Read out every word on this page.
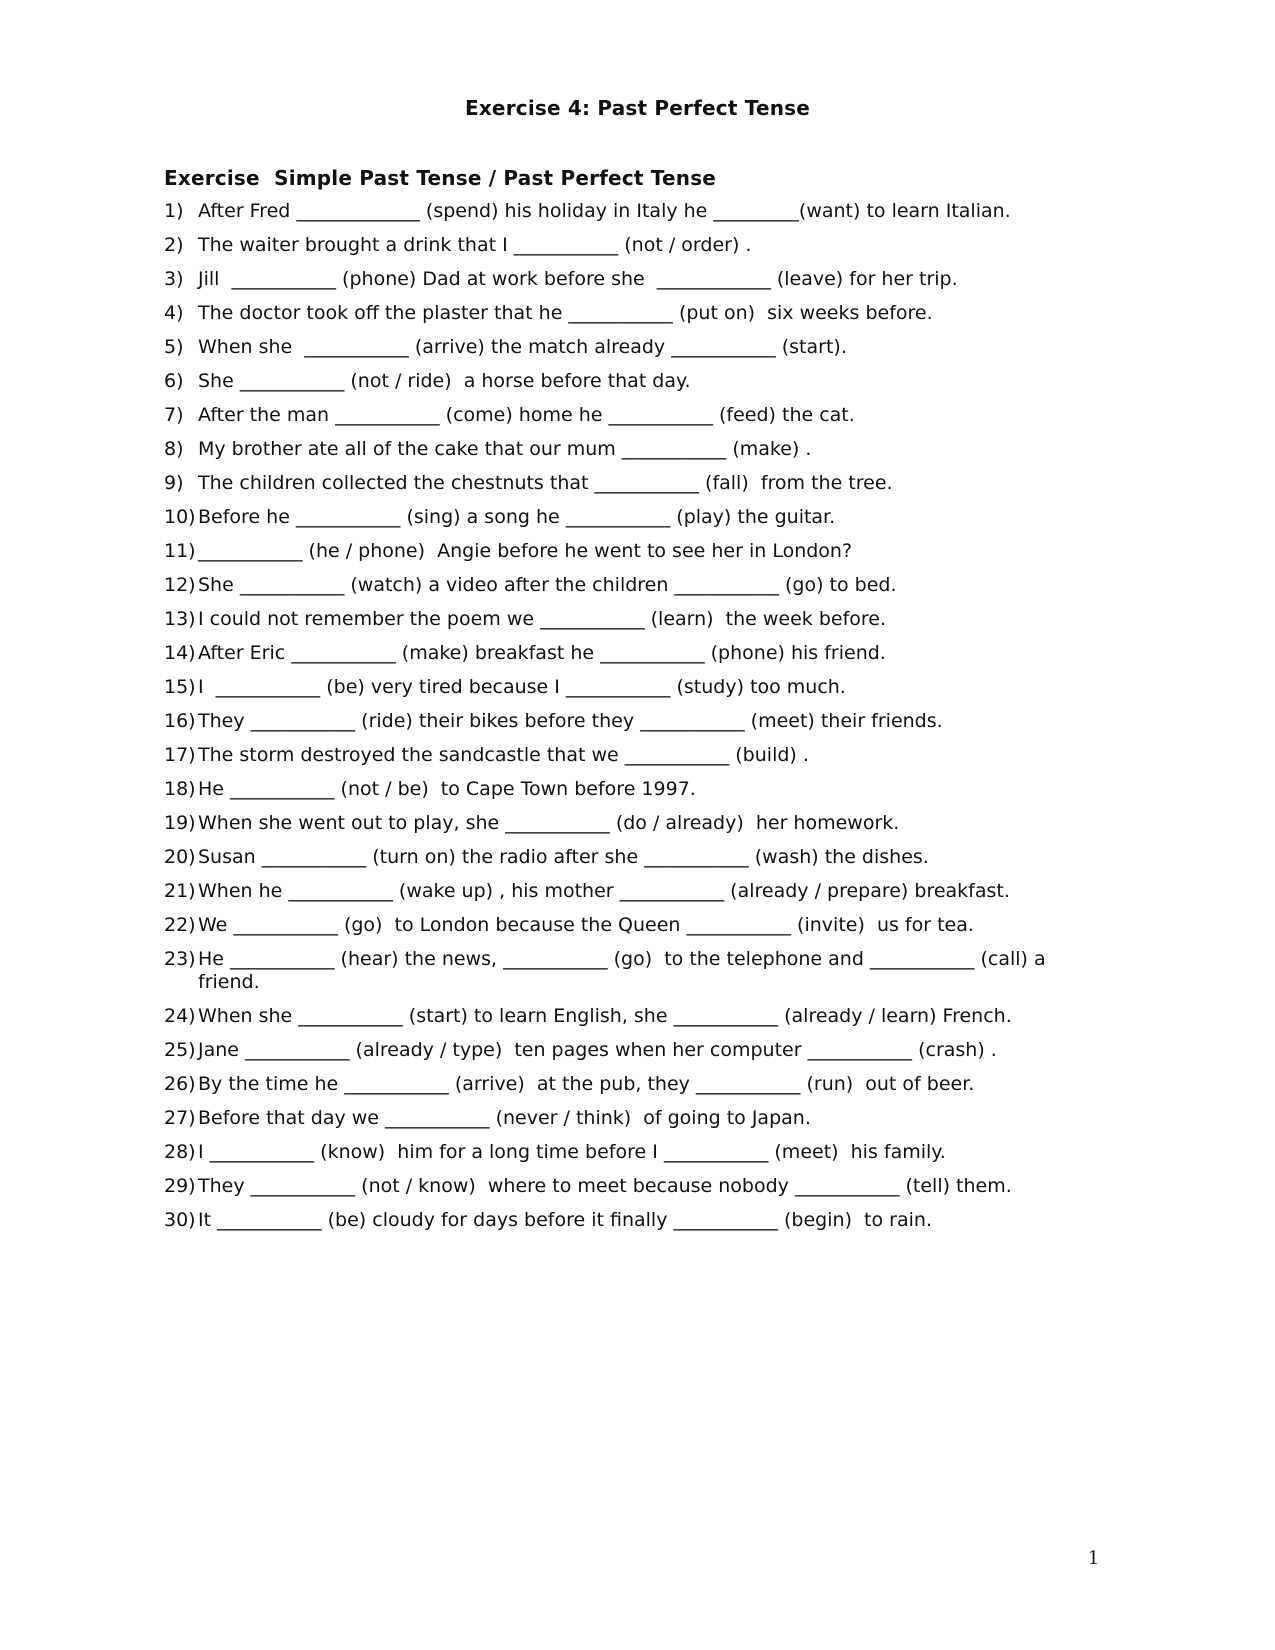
Exercise 4: Past Perfect Tense
Exercise  Simple Past Tense / Past Perfect Tense
1) After Fred _____________ (spend) his holiday in Italy he _________(want) to learn Italian.
2) The waiter brought a drink that I ___________ (not / order) .
3) Jill  ___________ (phone) Dad at work before she  ____________ (leave) for her trip.
4) The doctor took off the plaster that he ___________ (put on)  six weeks before.
5) When she  ___________ (arrive) the match already ___________ (start).
6) She ___________ (not / ride)  a horse before that day.
7) After the man ___________ (come) home he ___________ (feed) the cat.
8) My brother ate all of the cake that our mum ___________ (make) .
9) The children collected the chestnuts that ___________ (fall)  from the tree.
10) Before he ___________ (sing) a song he ___________ (play) the guitar.
11) ___________ (he / phone)  Angie before he went to see her in London?
12) She ___________ (watch) a video after the children ___________ (go) to bed.
13) I could not remember the poem we ___________ (learn)  the week before.
14) After Eric ___________ (make) breakfast he ___________ (phone) his friend.
15) I  ___________ (be) very tired because I ___________ (study) too much.
16) They ___________ (ride) their bikes before they ___________ (meet) their friends.
17) The storm destroyed the sandcastle that we ___________ (build) .
18) He ___________ (not / be)  to Cape Town before 1997.
19) When she went out to play, she ___________ (do / already)  her homework.
20) Susan ___________ (turn on) the radio after she ___________ (wash) the dishes.
21) When he ___________ (wake up) , his mother ___________ (already / prepare) breakfast.
22) We ___________ (go)  to London because the Queen ___________ (invite)  us for tea.
23) He ___________ (hear) the news, ___________ (go)  to the telephone and ___________ (call) a friend.
24) When she ___________ (start) to learn English, she ___________ (already / learn) French.
25) Jane ___________ (already / type)  ten pages when her computer ___________ (crash) .
26) By the time he ___________ (arrive)  at the pub, they ___________ (run)  out of beer.
27) Before that day we ___________ (never / think)  of going to Japan.
28) I ___________ (know)  him for a long time before I ___________ (meet)  his family.
29) They ___________ (not / know)  where to meet because nobody ___________ (tell) them.
30) It ___________ (be) cloudy for days before it finally ___________ (begin)  to rain.
1
